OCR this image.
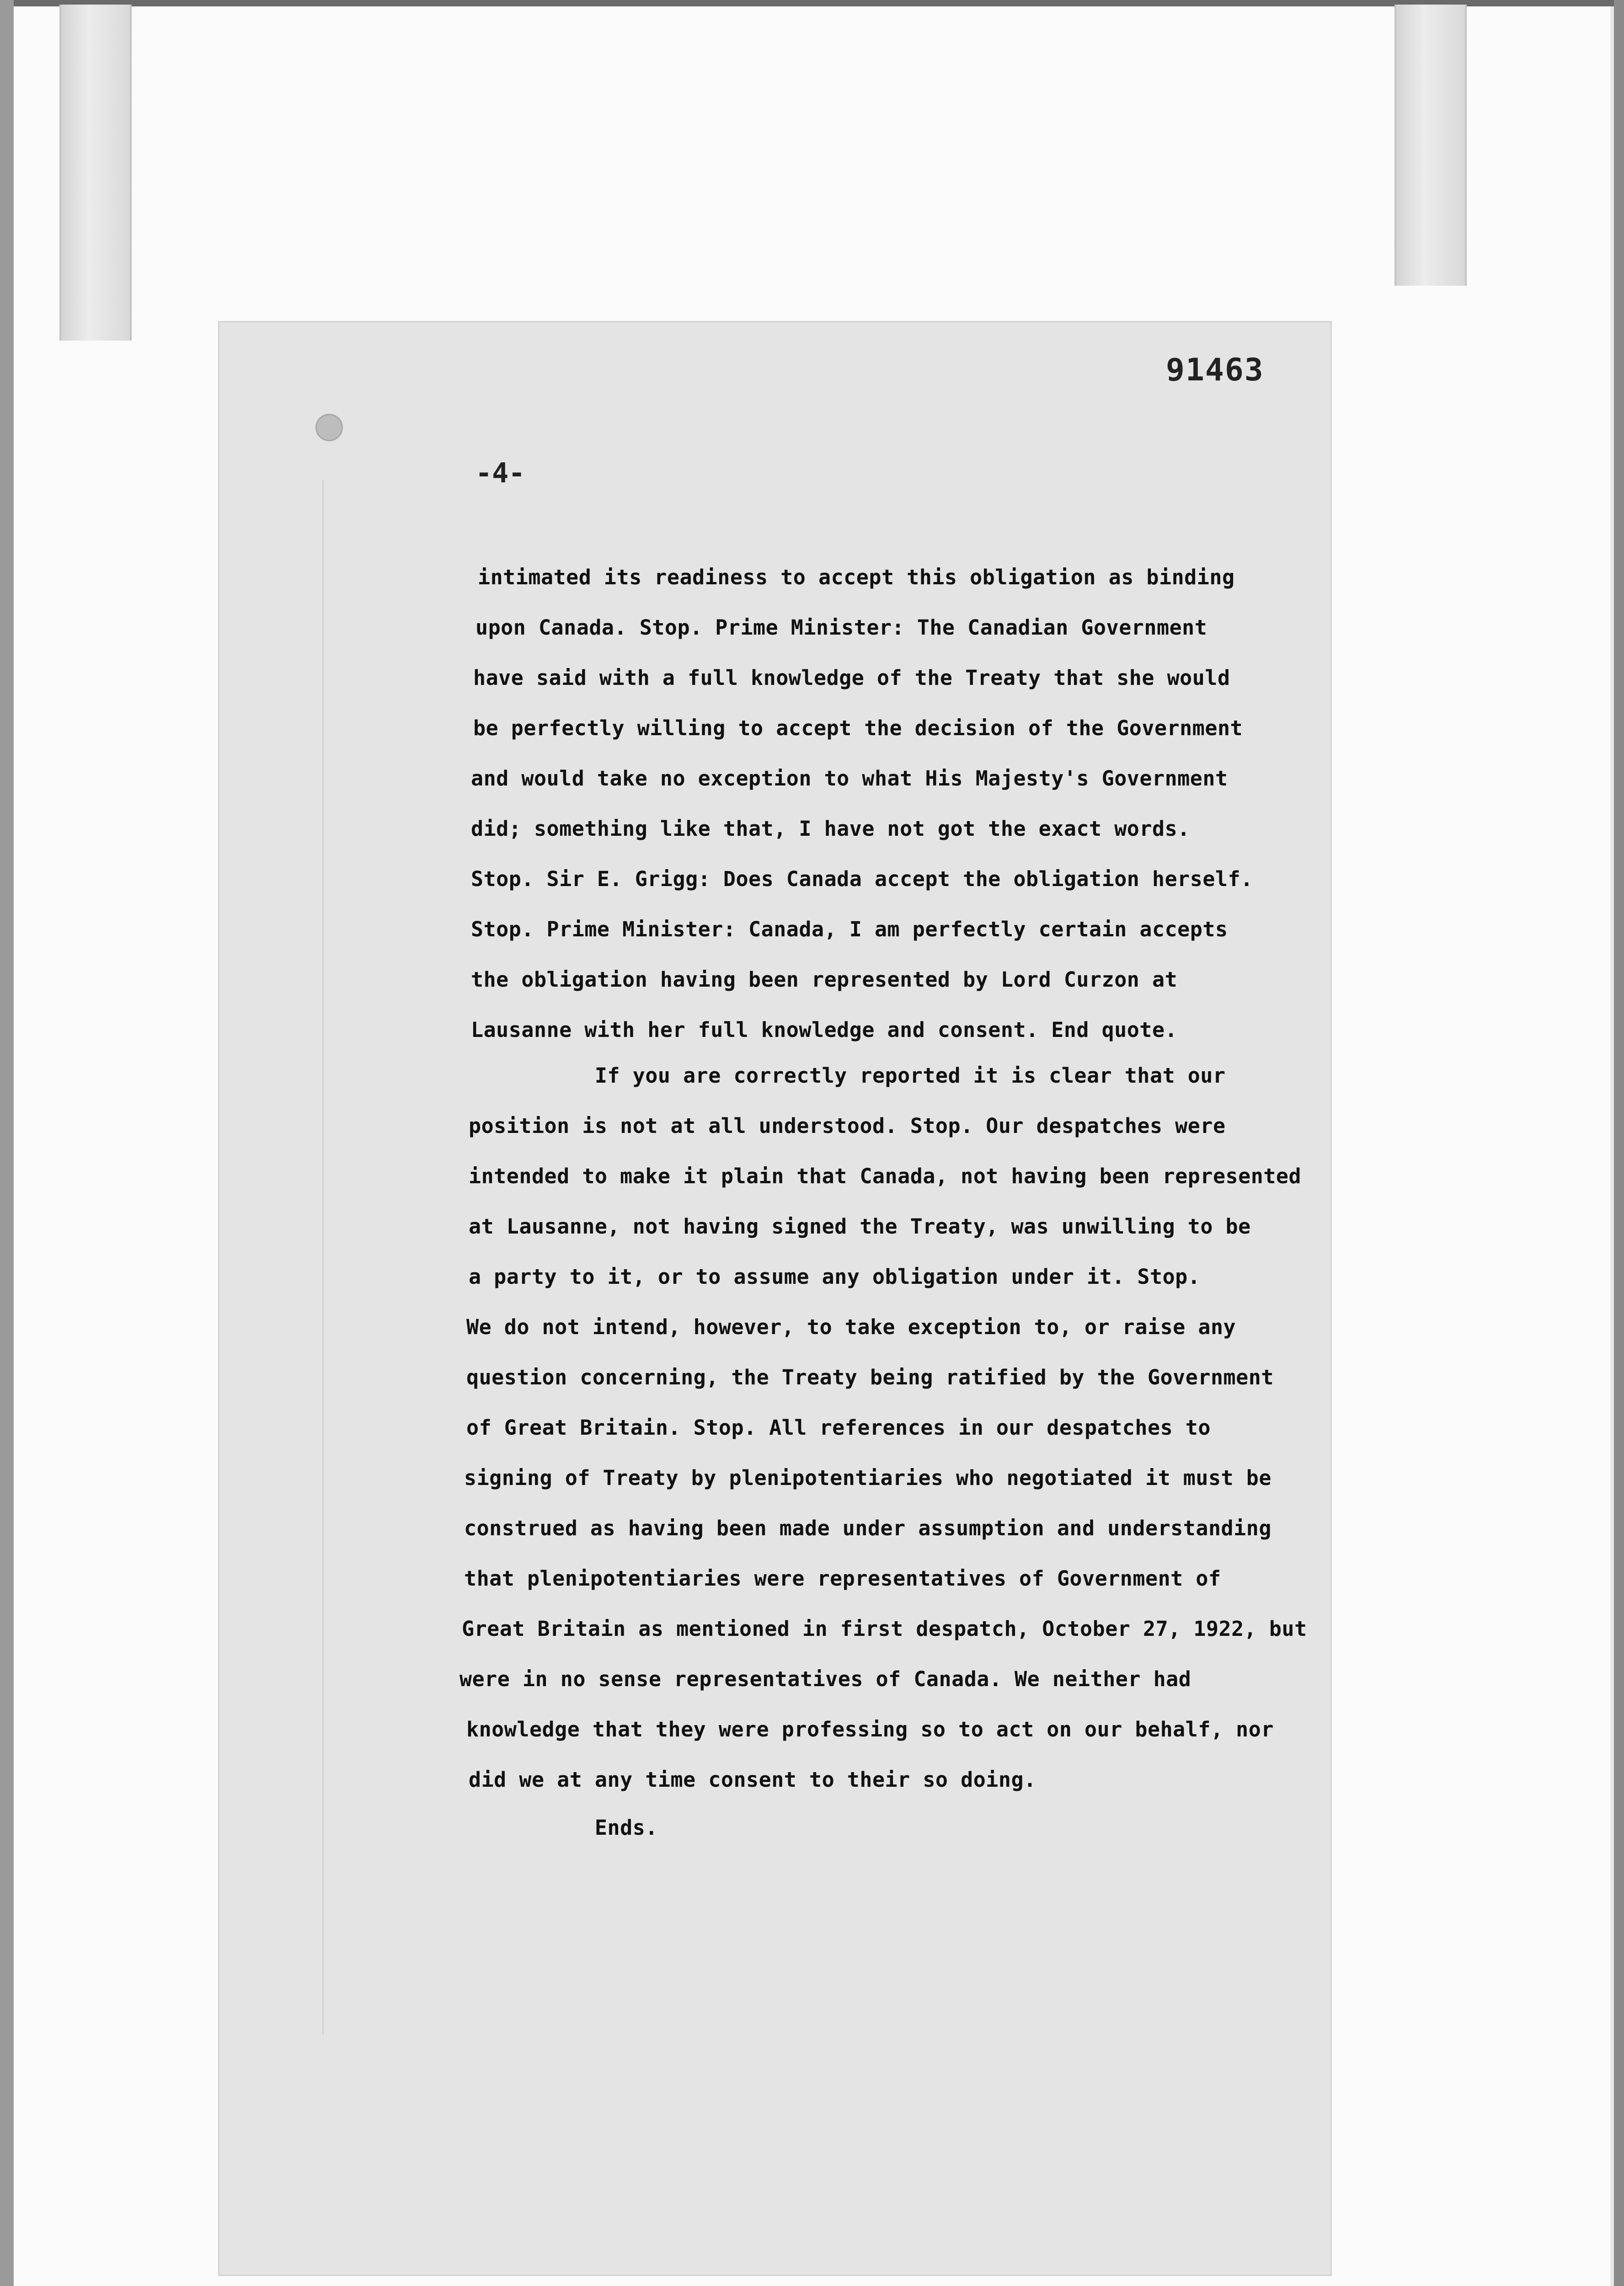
91463
-4-
intimated its readiness to accept this obligation as binding
upon Canada. Stop. Prime Minister: The Canadian Government
have said with a full knowledge of the Treaty that she would
be perfectly willing to accept the decision of the Government
and would take no exception to what His Majesty's Government
did; something like that, I have not got the exact words.
Stop. Sir E. Grigg: Does Canada accept the obligation herself.
Stop. Prime Minister: Canada, I am perfectly certain accepts
the obligation having been represented by Lord Curzon at
Lausanne with her full knowledge and consent. End quote.
If you are correctly reported it is clear that our
position is not at all understood. Stop. Our despatches were
intended to make it plain that Canada, not having been represented
at Lausanne, not having signed the Treaty, was unwilling to be
a party to it, or to assume any obligation under it. Stop.
We do not intend, however, to take exception to, or raise any
question concerning, the Treaty being ratified by the Government
of Great Britain. Stop. All references in our despatches to
signing of Treaty by plenipotentiaries who negotiated it must be
construed as having been made under assumption and understanding
that plenipotentiaries were representatives of Government of
Great Britain as mentioned in first despatch, October 27, 1922, but
were in no sense representatives of Canada. We neither had
knowledge that they were professing so to act on our behalf, nor
did we at any time consent to their so doing.
Ends.
